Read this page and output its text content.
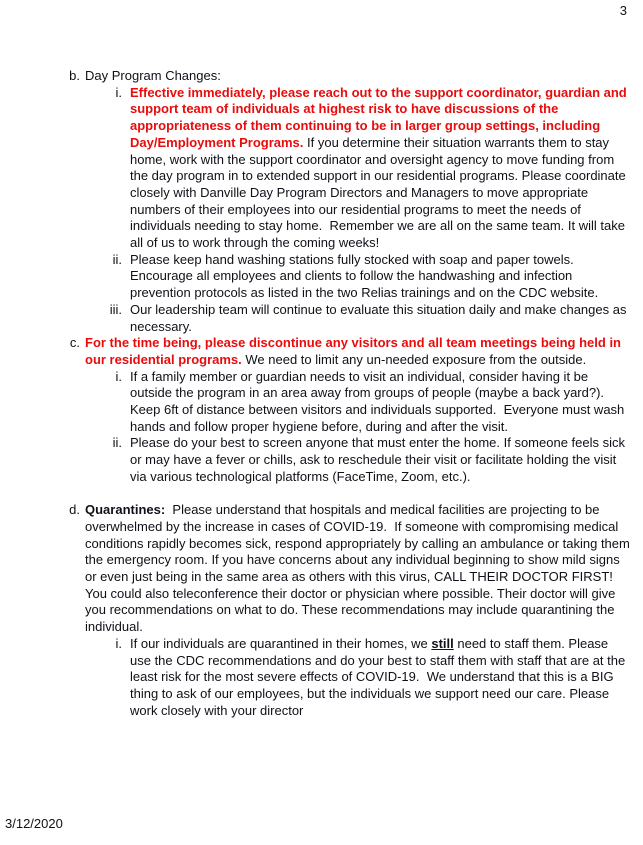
3
b. Day Program Changes:
i. Effective immediately, please reach out to the support coordinator, guardian and support team of individuals at highest risk to have discussions of the appropriateness of them continuing to be in larger group settings, including Day/Employment Programs. If you determine their situation warrants them to stay home, work with the support coordinator and oversight agency to move funding from the day program in to extended support in our residential programs. Please coordinate closely with Danville Day Program Directors and Managers to move appropriate numbers of their employees into our residential programs to meet the needs of individuals needing to stay home.  Remember we are all on the same team. It will take all of us to work through the coming weeks!
ii. Please keep hand washing stations fully stocked with soap and paper towels. Encourage all employees and clients to follow the handwashing and infection prevention protocols as listed in the two Relias trainings and on the CDC website.
iii. Our leadership team will continue to evaluate this situation daily and make changes as necessary.
c. For the time being, please discontinue any visitors and all team meetings being held in our residential programs. We need to limit any un-needed exposure from the outside.
i. If a family member or guardian needs to visit an individual, consider having it be outside the program in an area away from groups of people (maybe a back yard?).  Keep 6ft of distance between visitors and individuals supported.  Everyone must wash hands and follow proper hygiene before, during and after the visit.
ii. Please do your best to screen anyone that must enter the home. If someone feels sick or may have a fever or chills, ask to reschedule their visit or facilitate holding the visit via various technological platforms (FaceTime, Zoom, etc.).
d. Quarantines:  Please understand that hospitals and medical facilities are projecting to be overwhelmed by the increase in cases of COVID-19.  If someone with compromising medical conditions rapidly becomes sick, respond appropriately by calling an ambulance or taking them the emergency room. If you have concerns about any individual beginning to show mild signs or even just being in the same area as others with this virus, CALL THEIR DOCTOR FIRST! You could also teleconference their doctor or physician where possible. Their doctor will give you recommendations on what to do. These recommendations may include quarantining the individual.
i. If our individuals are quarantined in their homes, we still need to staff them. Please use the CDC recommendations and do your best to staff them with staff that are at the least risk for the most severe effects of COVID-19.  We understand that this is a BIG thing to ask of our employees, but the individuals we support need our care. Please work closely with your director
3/12/2020
